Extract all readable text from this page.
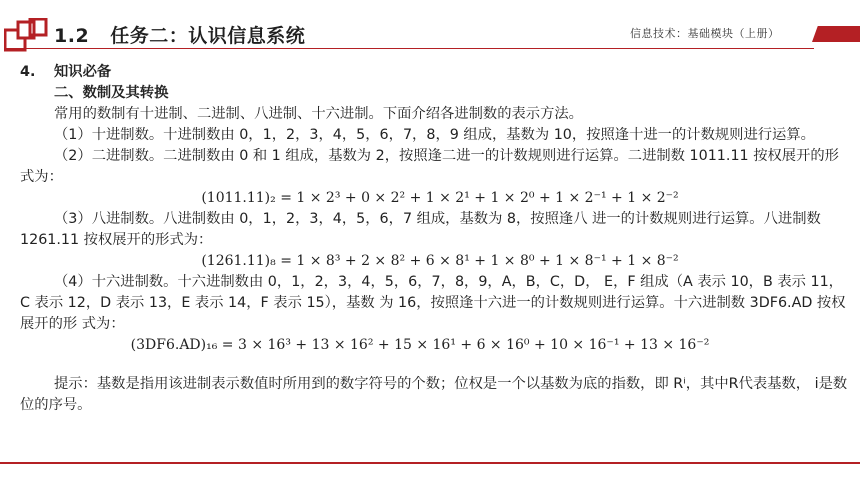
1.2 任务二：认识信息系统	信息技术：基础模块（上册）

4. 知识必备

二、数制及其转换

常用的数制有十进制、二进制、八进制、十六进制。下面介绍各进制数的表示方法。

（1）十进制数。十进制数由 0，1，2，3，4，5，6，7，8，9 组成，基数为 10，按照逢十进一的计数规则进行运算。

（2）二进制数。二进制数由 0 和 1 组成，基数为 2，按照逢二进一的计数规则进行运算。二进制数 1011.11 按权展开的形式为：

(1011.11)₂ = 1 × 2³ + 0 × 2² + 1 × 2¹ + 1 × 2⁰ + 1 × 2⁻¹ + 1 × 2⁻²

（3）八进制数。八进制数由 0，1，2，3，4，5，6，7 组成，基数为 8，按照逢八 进一的计数规则进行运算。八进制数 1261.11 按权展开的形式为：

(1261.11)₈ = 1 × 8³ + 2 × 8² + 6 × 8¹ + 1 × 8⁰ + 1 × 8⁻¹ + 1 × 8⁻²

（4）十六进制数。十六进制数由 0，1，2，3，4，5，6，7，8，9，A，B，C，D， E，F 组成（A 表示 10，B 表示 11，C 表示 12，D 表示 13，E 表示 14，F 表示 15），基数 为 16，按照逢十六进一的计数规则进行运算。十六进制数 3DF6.AD 按权展开的形 式为：

(3DF6.AD)₁₆ = 3 × 16³ + 13 × 16² + 15 × 16¹ + 6 × 16⁰ + 10 × 16⁻¹ + 13 × 16⁻²

提示：基数是指用该进制表示数值时所用到的数字符号的个数；位权是一个以基数为底的指数，即 Rⁱ，其中R代表基数， i是数位的序号。
